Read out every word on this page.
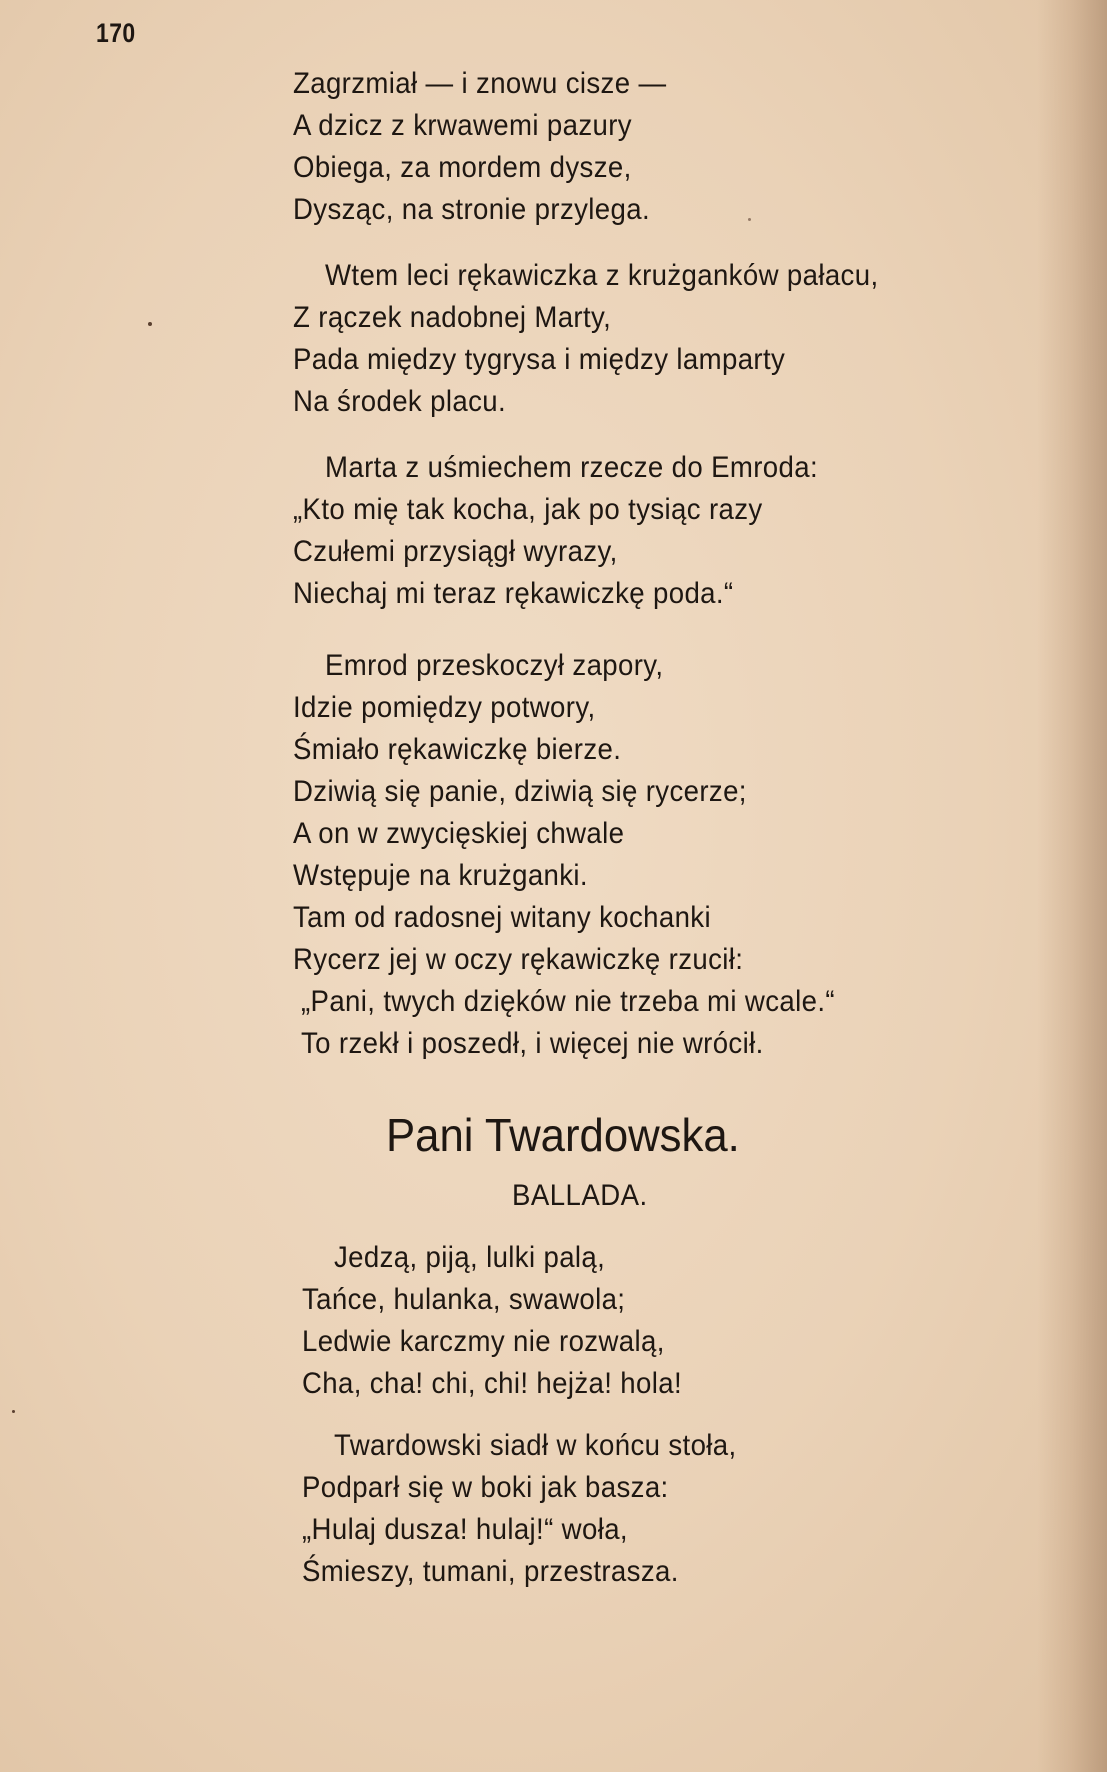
170
Zagrzmiał — i znowu cisze —
A dzicz z krwawemi pazury
Obiega, za mordem dysze,
Dysząc, na stronie przylega.
Wtem leci rękawiczka z krużganków pałacu,
Z rączek nadobnej Marty,
Pada między tygrysa i między lamparty
Na środek placu.
Marta z uśmiechem rzecze do Emroda:
„Kto mię tak kocha, jak po tysiąc razy
Czułemi przysiągł wyrazy,
Niechaj mi teraz rękawiczkę poda.“
Emrod przeskoczył zapory,
Idzie pomiędzy potwory,
Śmiało rękawiczkę bierze.
Dziwią się panie, dziwią się rycerze;
A on w zwycięskiej chwale
Wstępuje na krużganki.
Tam od radosnej witany kochanki
Rycerz jej w oczy rękawiczkę rzucił:
„Pani, twych dzięków nie trzeba mi wcale.“
To rzekł i poszedł, i więcej nie wrócił.
Pani Twardowska.
BALLADA.
Jedzą, piją, lulki palą,
Tańce, hulanka, swawola;
Ledwie karczmy nie rozwalą,
Cha, cha! chi, chi! hejża! hola!
Twardowski siadł w końcu stoła,
Podparł się w boki jak basza:
„Hulaj dusza! hulaj!“ woła,
Śmieszy, tumani, przestrasza.
